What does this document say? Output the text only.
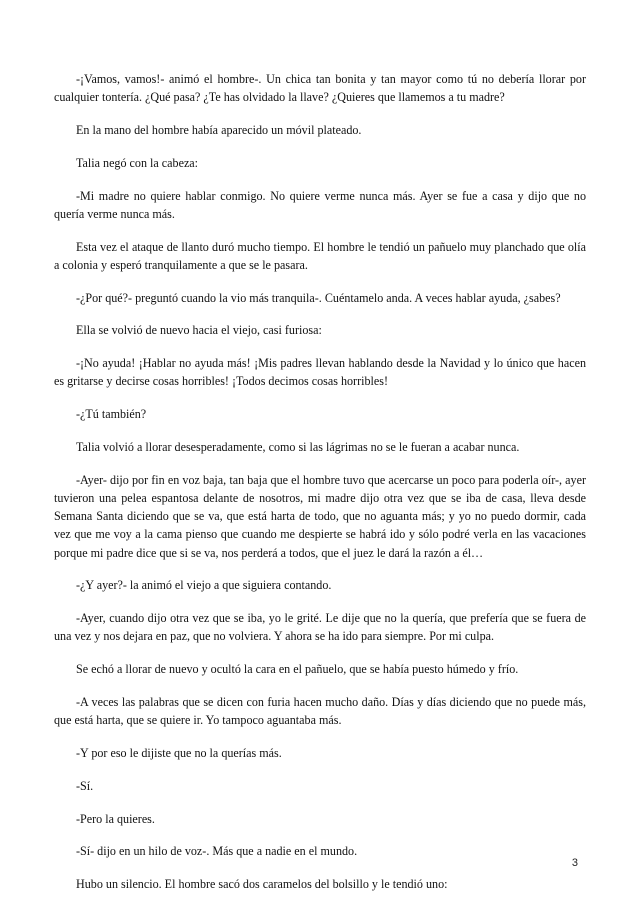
-¡Vamos, vamos!- animó el hombre-. Un chica tan bonita y tan mayor como tú no debería llorar por cualquier tontería. ¿Qué pasa? ¿Te has olvidado la llave? ¿Quieres que llamemos a tu madre?

En la mano del hombre había aparecido un móvil plateado.

Talia negó con la cabeza:

-Mi madre no quiere hablar conmigo. No quiere verme nunca más. Ayer se fue a casa y dijo que no quería verme nunca más.

Esta vez el ataque de llanto duró mucho tiempo. El hombre le tendió un pañuelo muy planchado que olía a colonia y esperó tranquilamente a que se le pasara.

-¿Por qué?- preguntó cuando la vio más tranquila-. Cuéntamelo anda. A veces hablar ayuda, ¿sabes?

Ella se volvió de nuevo hacia el viejo, casi furiosa:

-¡No ayuda! ¡Hablar no ayuda más! ¡Mis padres llevan hablando desde la Navidad y lo único que hacen es gritarse y decirse cosas horribles! ¡Todos decimos cosas horribles!

-¿Tú también?

Talia volvió a llorar desesperadamente, como si las lágrimas no se le fueran a acabar nunca.

-Ayer- dijo por fin en voz baja, tan baja que el hombre tuvo que acercarse un poco para poderla oír-, ayer tuvieron una pelea espantosa delante de nosotros, mi madre dijo otra vez que se iba de casa, lleva desde Semana Santa diciendo que se va, que está harta de todo, que no aguanta más; y yo no puedo dormir, cada vez que me voy a la cama pienso que cuando me despierte se habrá ido y sólo podré verla en las vacaciones porque mi padre dice que si se va, nos perderá a todos, que el juez le dará la razón a él…

-¿Y ayer?- la animó el viejo a que siguiera contando.

-Ayer, cuando dijo otra vez que se iba, yo le grité. Le dije que no la quería, que prefería que se fuera de una vez y nos dejara en paz, que no volviera. Y ahora se ha ido para siempre. Por mi culpa.

Se echó a llorar de nuevo y ocultó la cara en el pañuelo, que se había puesto húmedo y frío.

-A veces las palabras que se dicen con furia hacen mucho daño. Días y días diciendo que no puede más, que está harta, que se quiere ir. Yo tampoco aguantaba más.

-Y por eso le dijiste que no la querías más.

-Sí.

-Pero la quieres.

-Sí- dijo en un hilo de voz-. Más que a nadie en el mundo.

Hubo un silencio. El hombre sacó dos caramelos del bolsillo y le tendió uno:

3
